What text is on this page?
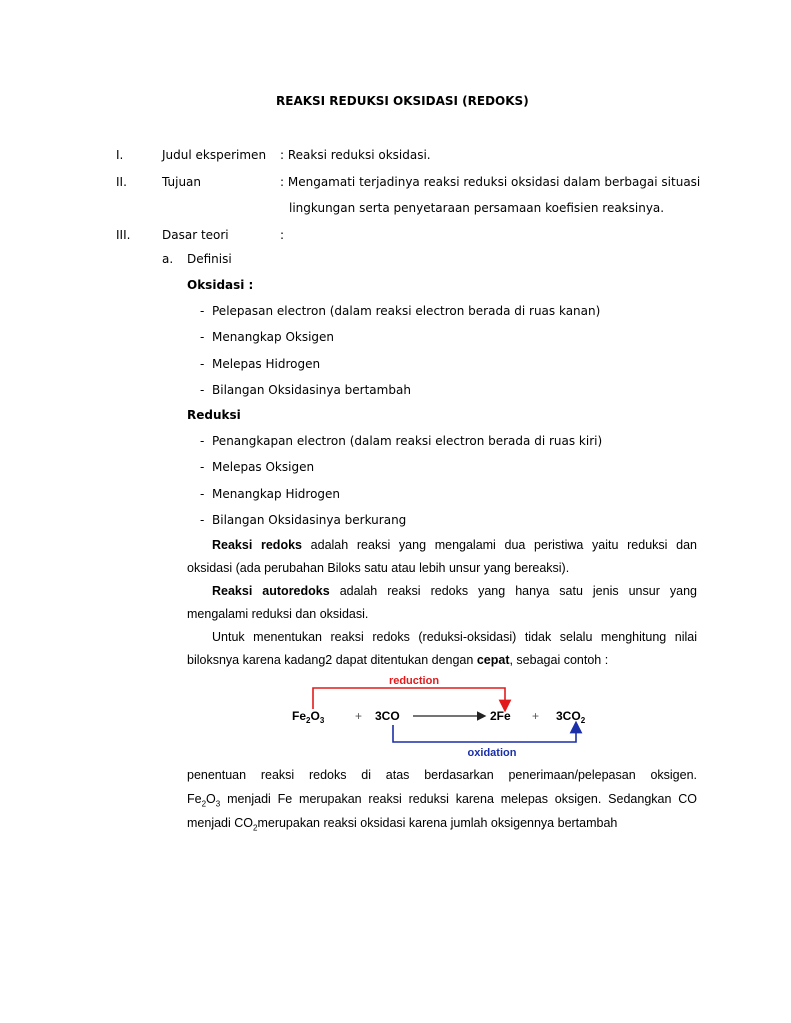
REAKSI REDUKSI OKSIDASI (REDOKS)
I.	Judul eksperimen : Reaksi reduksi oksidasi.
II.	Tujuan	: Mengamati terjadinya reaksi reduksi oksidasi dalam berbagai situasi
lingkungan serta penyetaraan persamaan koefisien reaksinya.
III.	Dasar teori	:
a. Definisi
Oksidasi :
- Pelepasan electron (dalam reaksi electron berada di ruas kanan)
- Menangkap Oksigen
- Melepas Hidrogen
- Bilangan Oksidasinya bertambah
Reduksi
- Penangkapan electron (dalam reaksi electron berada di ruas kiri)
- Melepas Oksigen
- Menangkap Hidrogen
- Bilangan Oksidasinya berkurang
Reaksi redoks adalah reaksi yang mengalami dua peristiwa yaitu reduksi dan
oksidasi (ada perubahan Biloks satu atau lebih unsur yang bereaksi).
Reaksi autoredoks adalah reaksi redoks yang hanya satu jenis unsur yang
mengalami reduksi dan oksidasi.
Untuk menentukan reaksi redoks (reduksi-oksidasi) tidak selalu menghitung nilai
biloksnya karena kadang2 dapat ditentukan dengan cepat, sebagai contoh :
reduction
oxidation
$Fe_2O_3$	+ 3CO	$2Fe + 3CO_2$
penentuan reaksi redoks di atas berdasarkan penerimaan/pelepasan oksigen.
$Fe_2O_3$ menjadi Fe merupakan reaksi reduksi karena melepas oksigen. Sedangkan CO
menjadi $CO_2merupakan$ reaksi oksidasi karena jumlah oksigennya bertambah
